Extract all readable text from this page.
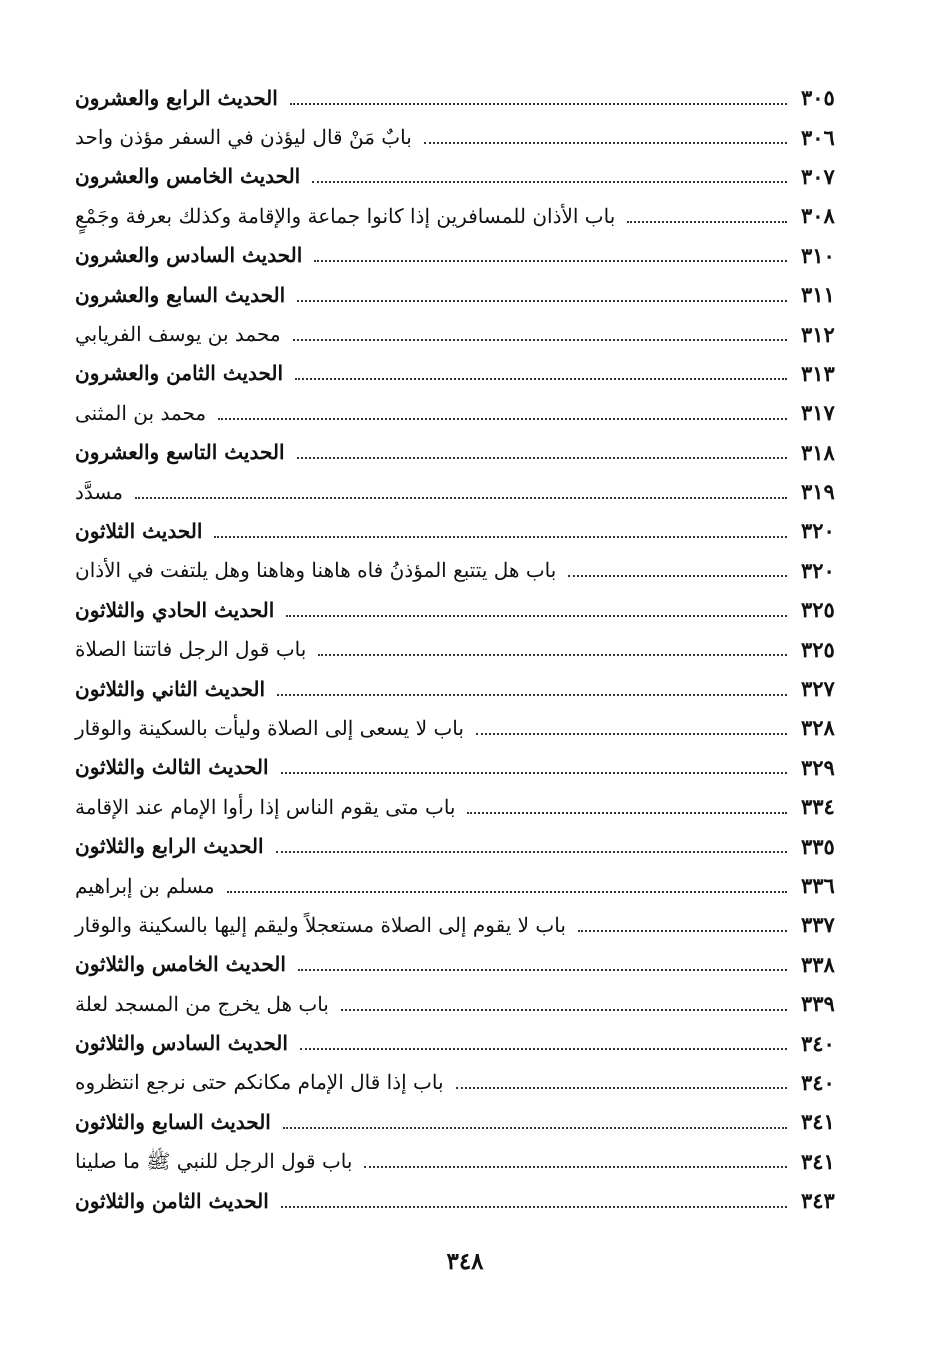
الحديث الرابع والعشرون	٣٠٥
بابٌ مَنْ قال ليؤذن في السفر مؤذن واحد	٣٠٦
الحديث الخامس والعشرون	٣٠٧
باب الأذان للمسافرين إذا كانوا جماعة والإقامة وكذلك بعرفة وجَمْعٍ	٣٠٨
الحديث السادس والعشرون	٣١٠
الحديث السابع والعشرون	٣١١
محمد بن يوسف الفريابي	٣١٢
الحديث الثامن والعشرون	٣١٣
محمد بن المثنى	٣١٧
الحديث التاسع والعشرون	٣١٨
مسدَّد	٣١٩
الحديث الثلاثون	٣٢٠
باب هل يتتبع المؤذنُ فاه هاهنا وهاهنا وهل يلتفت في الأذان	٣٢٠
الحديث الحادي والثلاثون	٣٢٥
باب قول الرجل فاتتنا الصلاة	٣٢٥
الحديث الثاني والثلاثون	٣٢٧
باب لا يسعى إلى الصلاة وليأت بالسكينة والوقار	٣٢٨
الحديث الثالث والثلاثون	٣٢٩
باب متى يقوم الناس إذا رأوا الإمام عند الإقامة	٣٣٤
الحديث الرابع والثلاثون	٣٣٥
مسلم بن إبراهيم	٣٣٦
باب لا يقوم إلى الصلاة مستعجلاً وليقم إليها بالسكينة والوقار	٣٣٧
الحديث الخامس والثلاثون	٣٣٨
باب هل يخرج من المسجد لعلة	٣٣٩
الحديث السادس والثلاثون	٣٤٠
باب إذا قال الإمام مكانكم حتى نرجع انتظروه	٣٤٠
الحديث السابع والثلاثون	٣٤١
باب قول الرجل للنبي ﷺ ما صلينا	٣٤١
الحديث الثامن والثلاثون	٣٤٣
٣٤٨
